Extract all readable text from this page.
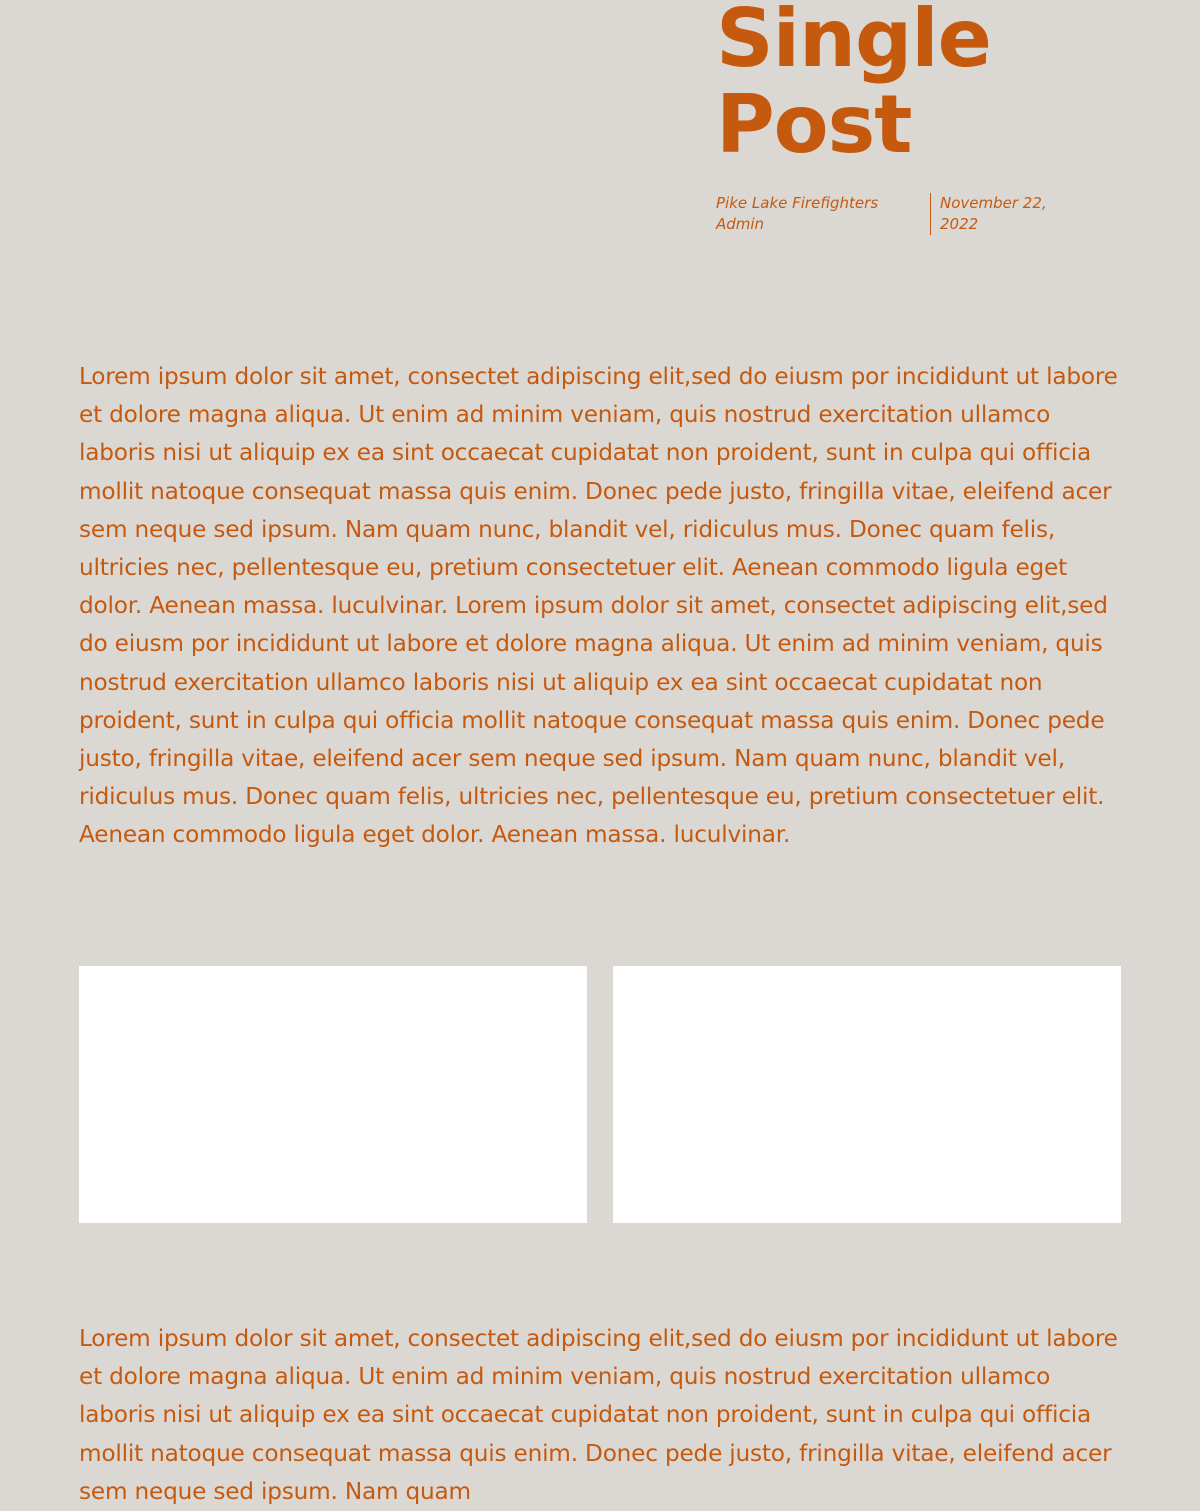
Single
Post
Pike Lake Firefighters Admin
November 22, 2022

Lorem ipsum dolor sit amet, consectet adipiscing elit,sed do eiusm por incididunt ut labore et dolore magna aliqua. Ut enim ad minim veniam, quis nostrud exercitation ullamco laboris nisi ut aliquip ex ea sint occaecat cupidatat non proident, sunt in culpa qui officia mollit natoque consequat massa quis enim. Donec pede justo, fringilla vitae, eleifend acer sem neque sed ipsum. Nam quam nunc, blandit vel, ridiculus mus. Donec quam felis, ultricies nec, pellentesque eu, pretium consectetuer elit. Aenean commodo ligula eget dolor. Aenean massa. luculvinar. Lorem ipsum dolor sit amet, consectet adipiscing elit,sed do eiusm por incididunt ut labore et dolore magna aliqua. Ut enim ad minim veniam, quis nostrud exercitation ullamco laboris nisi ut aliquip ex ea sint occaecat cupidatat non proident, sunt in culpa qui officia mollit natoque consequat massa quis enim. Donec pede justo, fringilla vitae, eleifend acer sem neque sed ipsum. Nam quam nunc, blandit vel, ridiculus mus. Donec quam felis, ultricies nec, pellentesque eu, pretium consectetuer elit. Aenean commodo ligula eget dolor. Aenean massa. luculvinar.

Lorem ipsum dolor sit amet, consectet adipiscing elit,sed do eiusm por incididunt ut labore et dolore magna aliqua. Ut enim ad minim veniam, quis nostrud exercitation ullamco laboris nisi ut aliquip ex ea sint occaecat cupidatat non proident, sunt in culpa qui officia mollit natoque consequat massa quis enim. Donec pede justo, fringilla vitae, eleifend acer sem neque sed ipsum. Nam quam
